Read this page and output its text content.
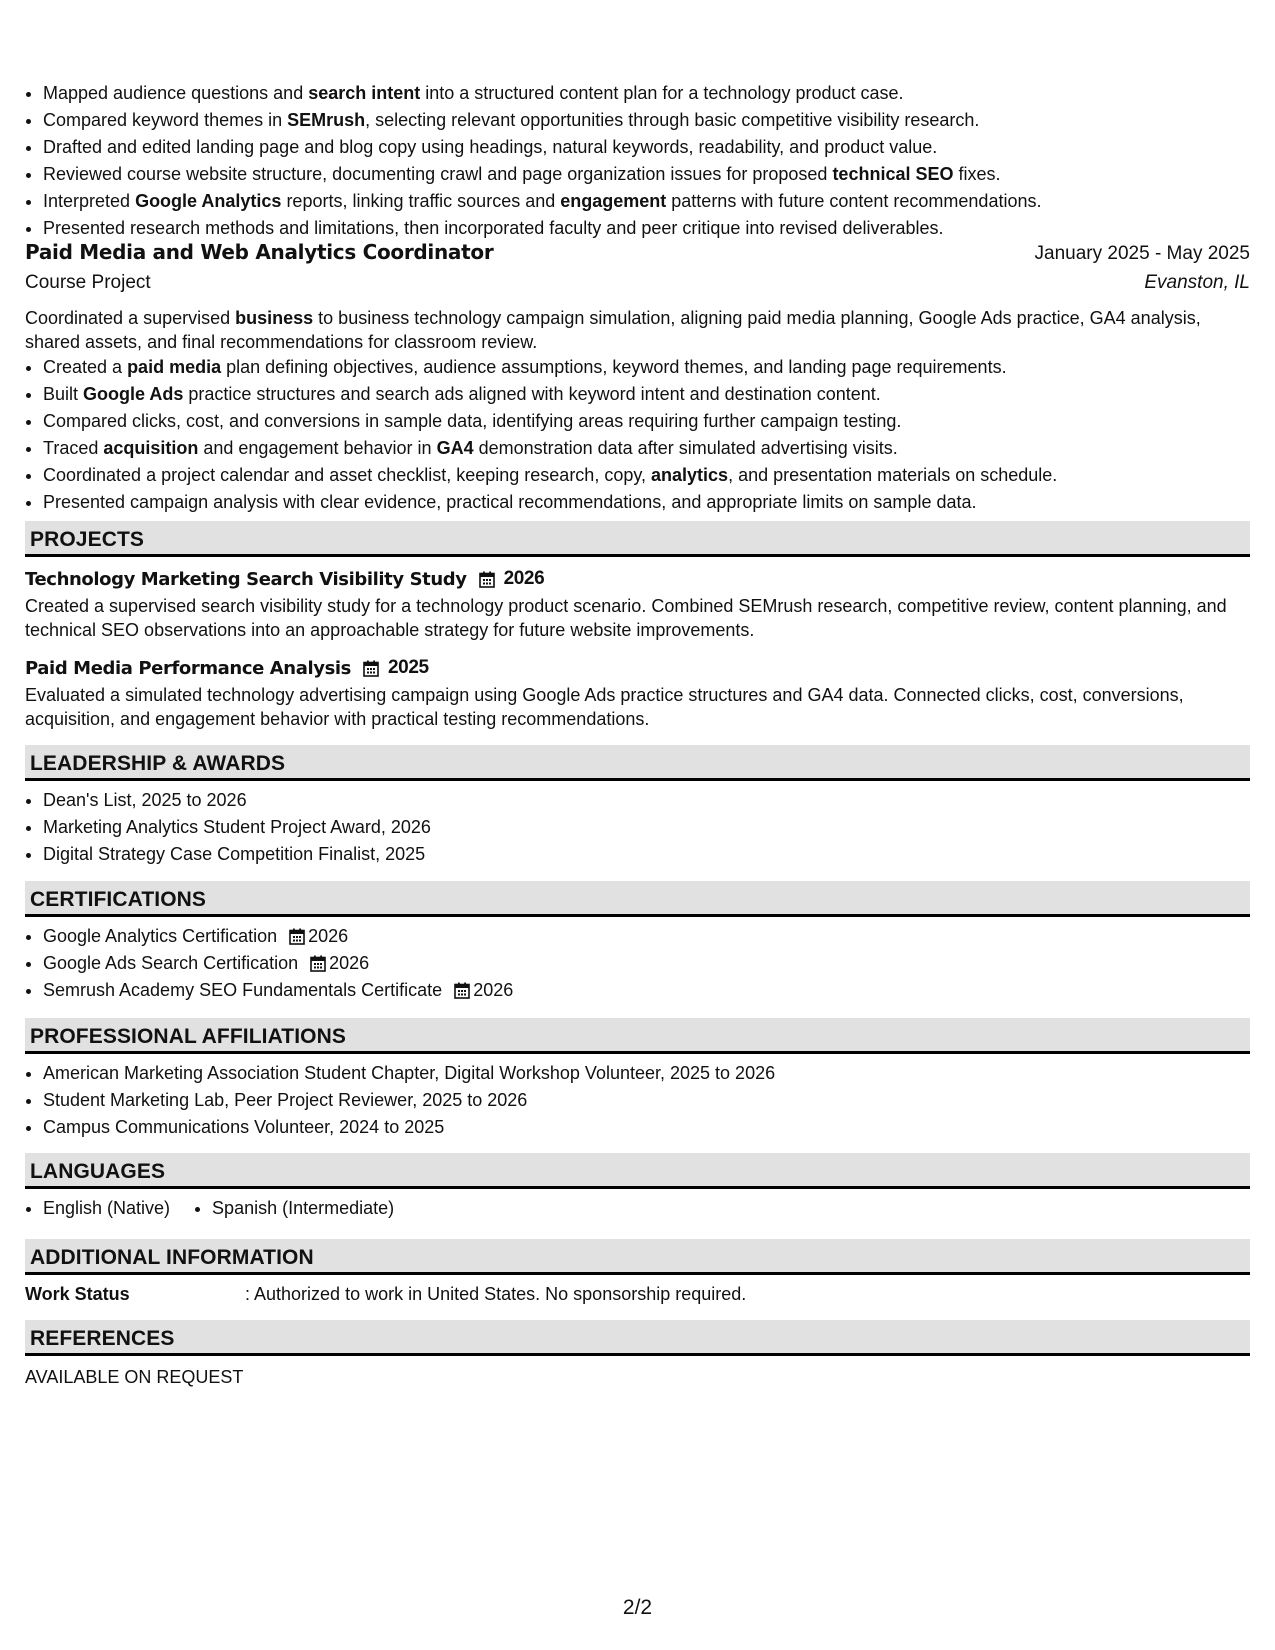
• Mapped audience questions and search intent into a structured content plan for a technology product case.
• Compared keyword themes in SEMrush, selecting relevant opportunities through basic competitive visibility research.
• Drafted and edited landing page and blog copy using headings, natural keywords, readability, and product value.
• Reviewed course website structure, documenting crawl and page organization issues for proposed technical SEO fixes.
• Interpreted Google Analytics reports, linking traffic sources and engagement patterns with future content recommendations.
• Presented research methods and limitations, then incorporated faculty and peer critique into revised deliverables.
Paid Media and Web Analytics Coordinator	January 2025 - May 2025
Course Project	Evanston, IL
Coordinated a supervised business to business technology campaign simulation, aligning paid media planning, Google Ads practice, GA4 analysis, shared assets, and final recommendations for classroom review.
• Created a paid media plan defining objectives, audience assumptions, keyword themes, and landing page requirements.
• Built Google Ads practice structures and search ads aligned with keyword intent and destination content.
• Compared clicks, cost, and conversions in sample data, identifying areas requiring further campaign testing.
• Traced acquisition and engagement behavior in GA4 demonstration data after simulated advertising visits.
• Coordinated a project calendar and asset checklist, keeping research, copy, analytics, and presentation materials on schedule.
• Presented campaign analysis with clear evidence, practical recommendations, and appropriate limits on sample data.
PROJECTS
Technology Marketing Search Visibility Study 2026
Created a supervised search visibility study for a technology product scenario. Combined SEMrush research, competitive review, content planning, and technical SEO observations into an approachable strategy for future website improvements.
Paid Media Performance Analysis 2025
Evaluated a simulated technology advertising campaign using Google Ads practice structures and GA4 data. Connected clicks, cost, conversions, acquisition, and engagement behavior with practical testing recommendations.
LEADERSHIP & AWARDS
• Dean's List, 2025 to 2026
• Marketing Analytics Student Project Award, 2026
• Digital Strategy Case Competition Finalist, 2025
CERTIFICATIONS
• Google Analytics Certification 2026
• Google Ads Search Certification 2026
• Semrush Academy SEO Fundamentals Certificate 2026
PROFESSIONAL AFFILIATIONS
• American Marketing Association Student Chapter, Digital Workshop Volunteer, 2025 to 2026
• Student Marketing Lab, Peer Project Reviewer, 2025 to 2026
• Campus Communications Volunteer, 2024 to 2025
LANGUAGES
• English (Native)
• Spanish (Intermediate)
ADDITIONAL INFORMATION
Work Status	: Authorized to work in United States. No sponsorship required.
REFERENCES
AVAILABLE ON REQUEST
2/2
